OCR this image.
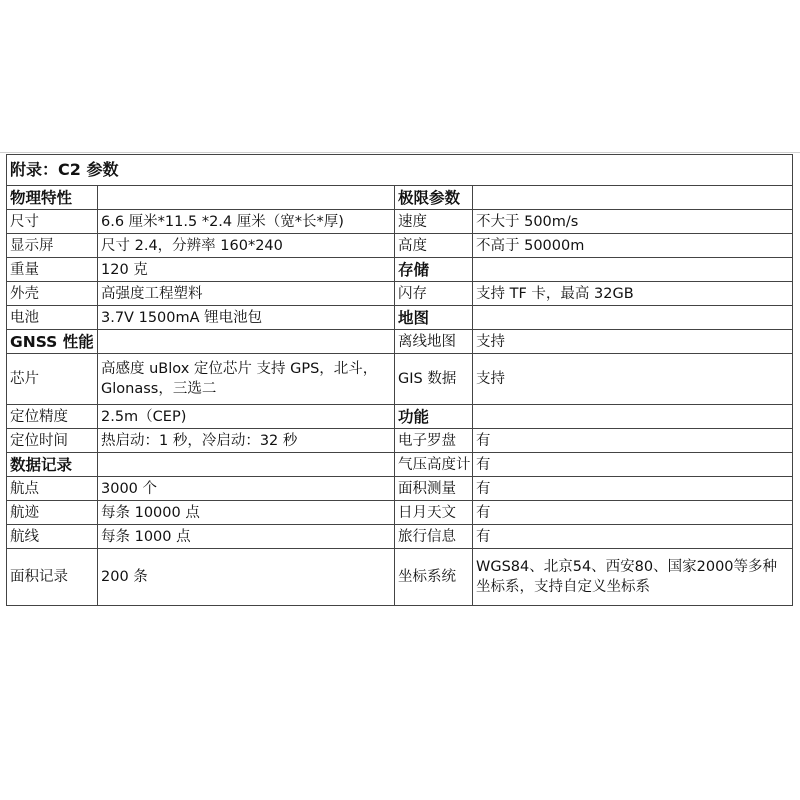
附录：C2 参数			
物理特性		极限参数	
尺寸	6.6 厘米*11.5 *2.4 厘米（宽*长*厚)	速度	不大于 500m/s
显示屏	尺寸 2.4，分辨率 160*240	高度	不高于 50000m
重量	120 克	存储	
外壳	高强度工程塑料	闪存	支持 TF 卡，最高 32GB
电池	3.7V 1500mA 锂电池包	地图	
GNSS 性能		离线地图	支持
芯片	高感度 uBlox 定位芯片 支持 GPS，北斗，Glonass，三选二	GIS 数据	支持
定位精度	2.5m（CEP)	功能	
定位时间	热启动：1 秒，冷启动：32 秒	电子罗盘	有
数据记录		气压高度计	有
航点	3000 个	面积测量	有
航迹	每条 10000 点	日月天文	有
航线	每条 1000 点	旅行信息	有
面积记录	200 条	坐标系统	WGS84、北京54、西安80、国家2000等多种坐标系，支持自定义坐标系
